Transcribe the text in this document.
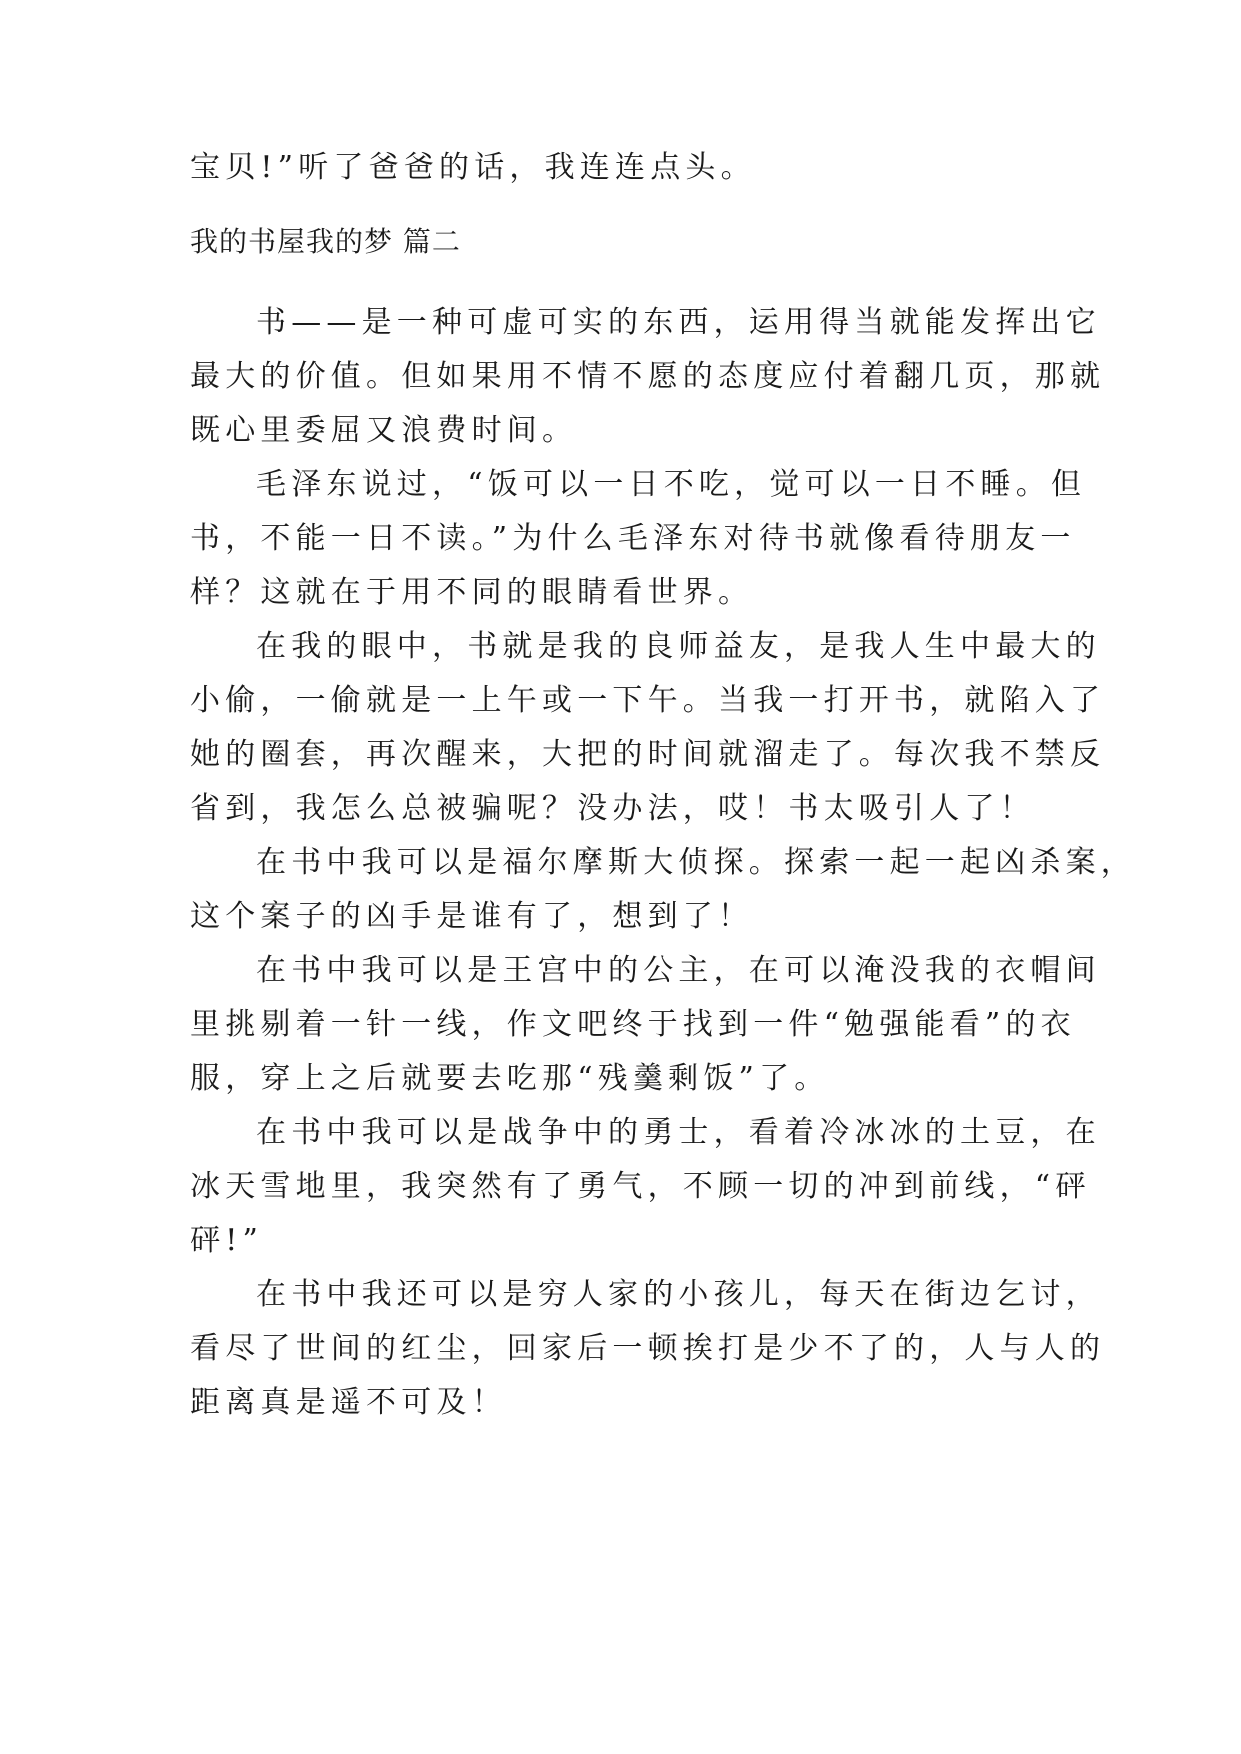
宝贝!”听了爸爸的话，我连连点头。
我的书屋我的梦 篇二
书——是一种可虚可实的东西，运用得当就能发挥出它
最大的价值。但如果用不情不愿的态度应付着翻几页，那就
既心里委屈又浪费时间。
毛泽东说过，“饭可以一日不吃，觉可以一日不睡。但
书，不能一日不读。”为什么毛泽东对待书就像看待朋友一
样？这就在于用不同的眼睛看世界。
在我的眼中，书就是我的良师益友，是我人生中最大的
小偷，一偷就是一上午或一下午。当我一打开书，就陷入了
她的圈套，再次醒来，大把的时间就溜走了。每次我不禁反
省到，我怎么总被骗呢？没办法，哎！书太吸引人了！
在书中我可以是福尔摩斯大侦探。探索一起一起凶杀案，
这个案子的凶手是谁有了，想到了！
在书中我可以是王宫中的公主，在可以淹没我的衣帽间
里挑剔着一针一线，作文吧终于找到一件“勉强能看”的衣
服，穿上之后就要去吃那“残羹剩饭”了。
在书中我可以是战争中的勇士，看着冷冰冰的土豆，在
冰天雪地里，我突然有了勇气，不顾一切的冲到前线，“砰
砰!”
在书中我还可以是穷人家的小孩儿，每天在街边乞讨，
看尽了世间的红尘，回家后一顿挨打是少不了的，人与人的
距离真是遥不可及！
